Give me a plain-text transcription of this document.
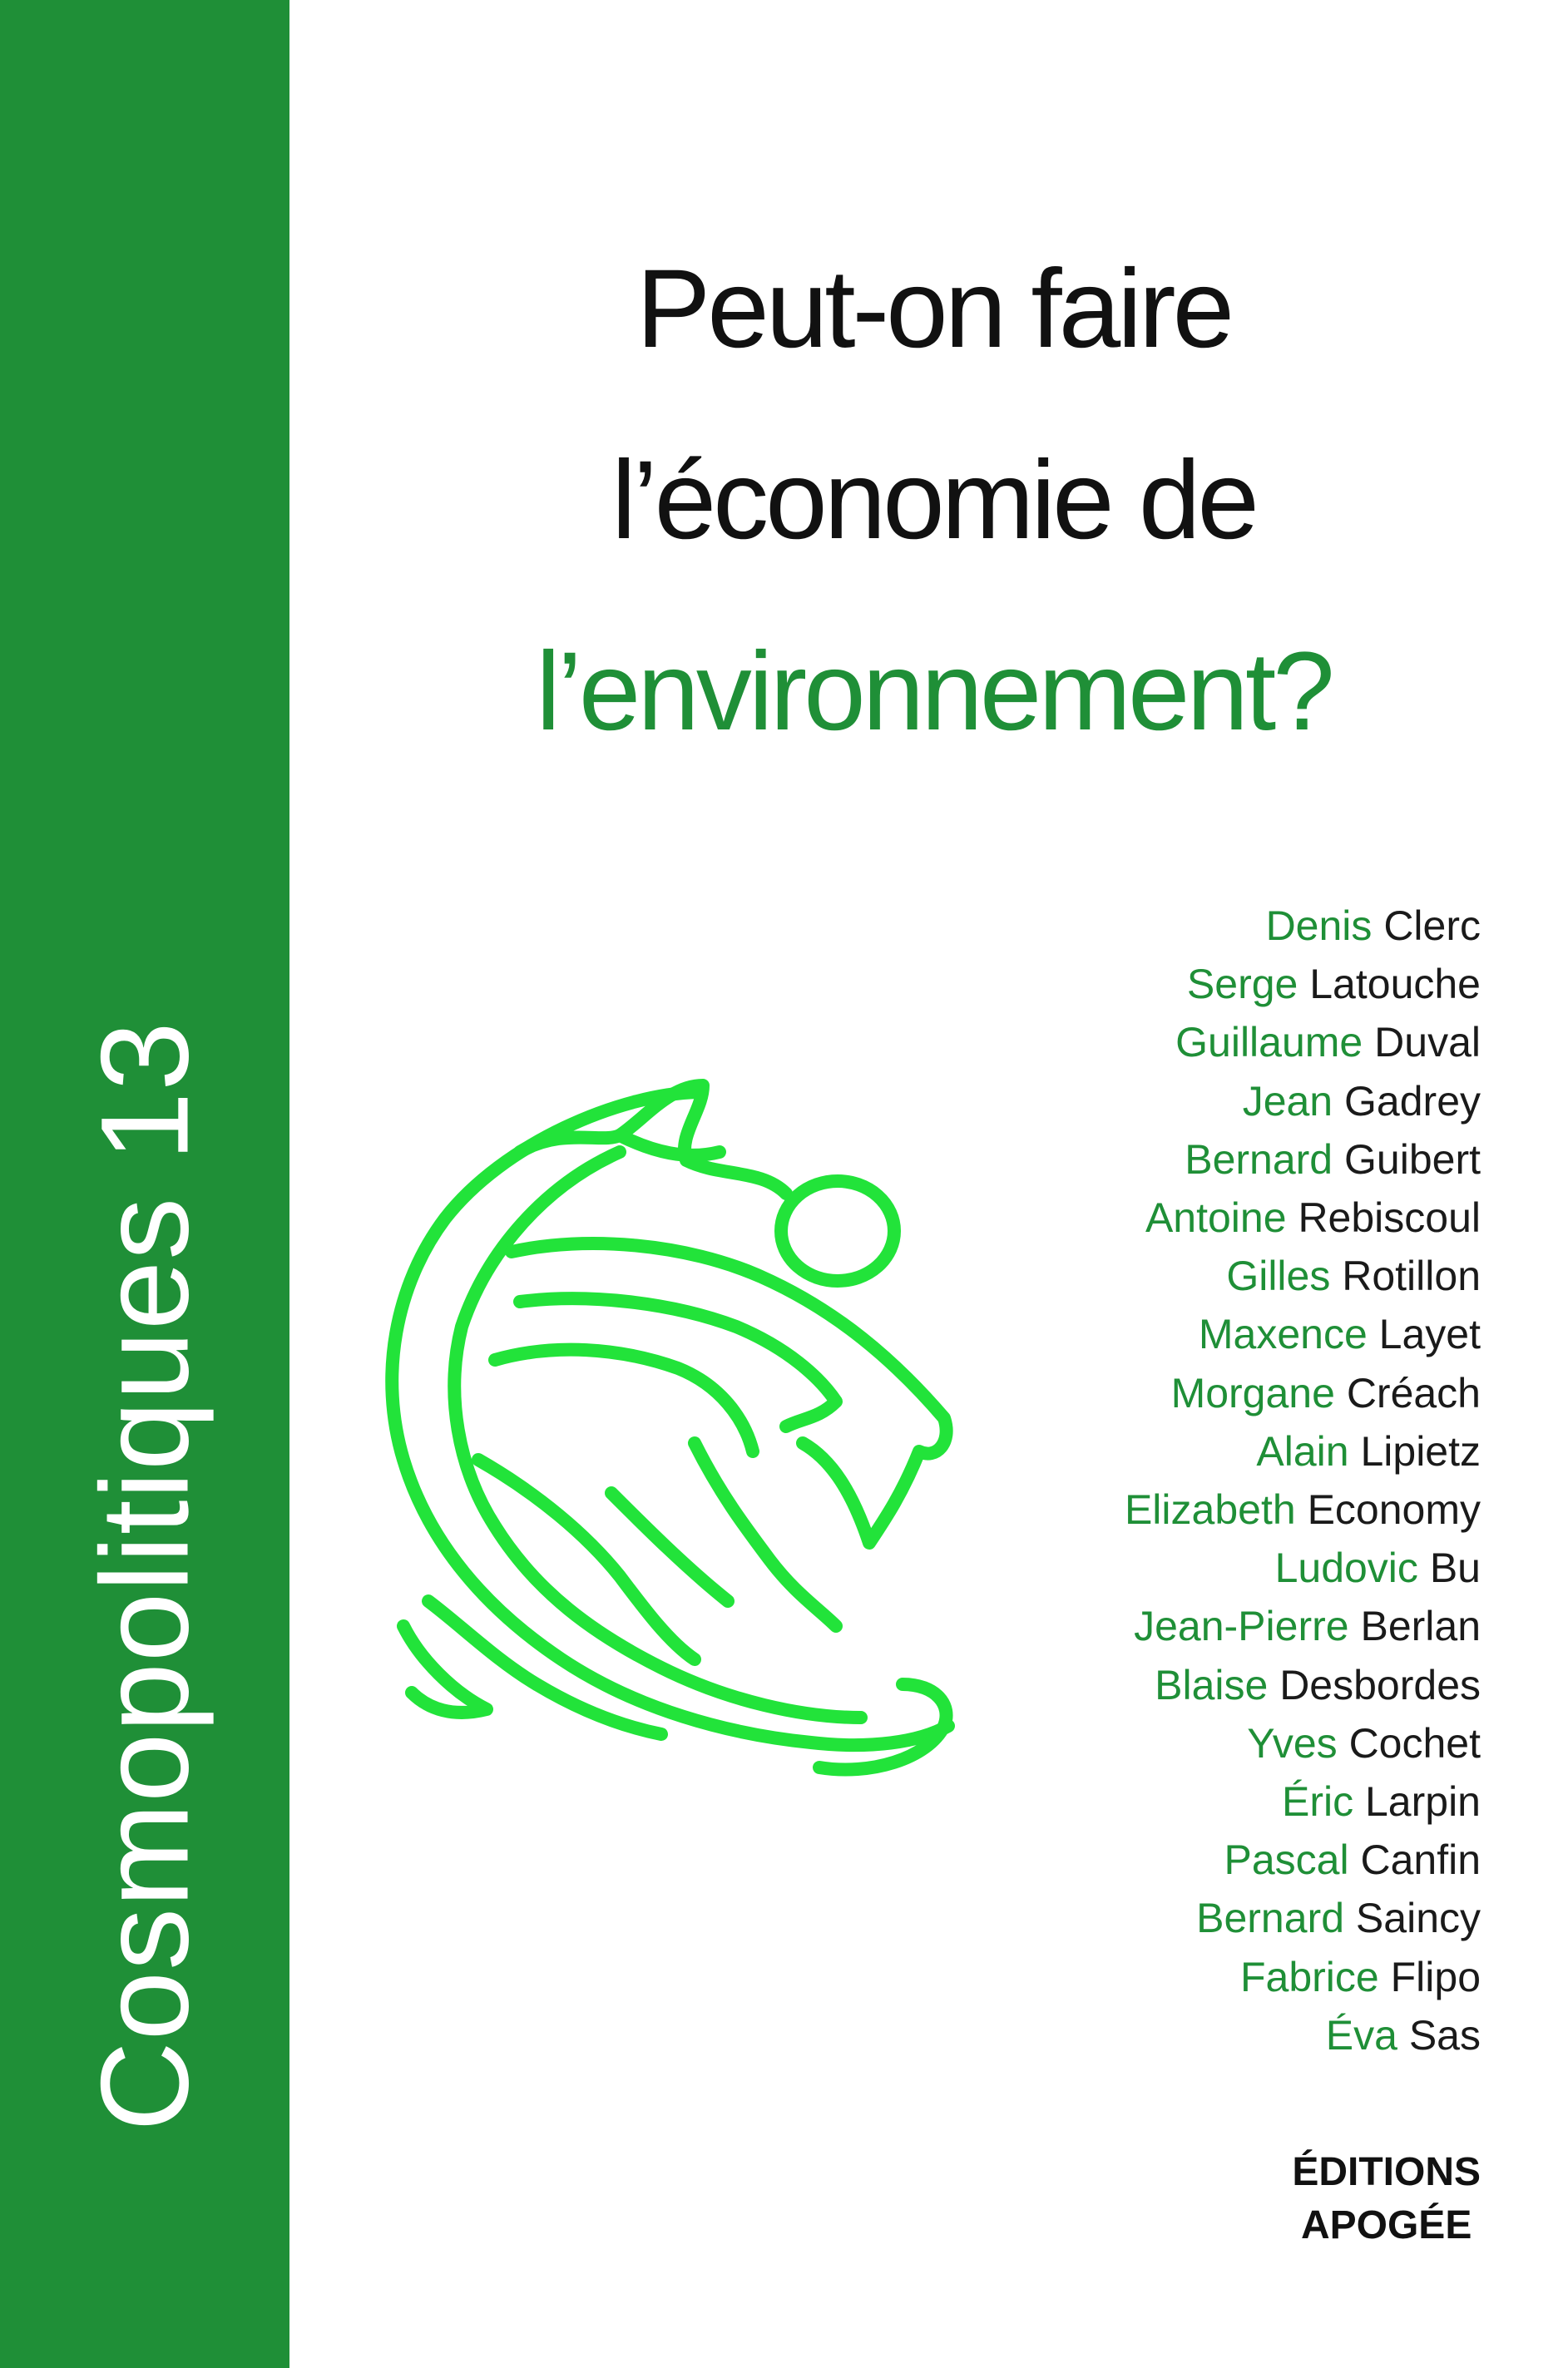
Cosmopolitiques 13
Peut-on faire
l’économie de
l’environnement?
Denis Clerc
Serge Latouche
Guillaume Duval
Jean Gadrey
Bernard Guibert
Antoine Rebiscoul
Gilles Rotillon
Maxence Layet
Morgane Créach
Alain Lipietz
Elizabeth Economy
Ludovic Bu
Jean-Pierre Berlan
Blaise Desbordes
Yves Cochet
Éric Larpin
Pascal Canfin
Bernard Saincy
Fabrice Flipo
Éva Sas
ÉDITIONS
APOGÉE
